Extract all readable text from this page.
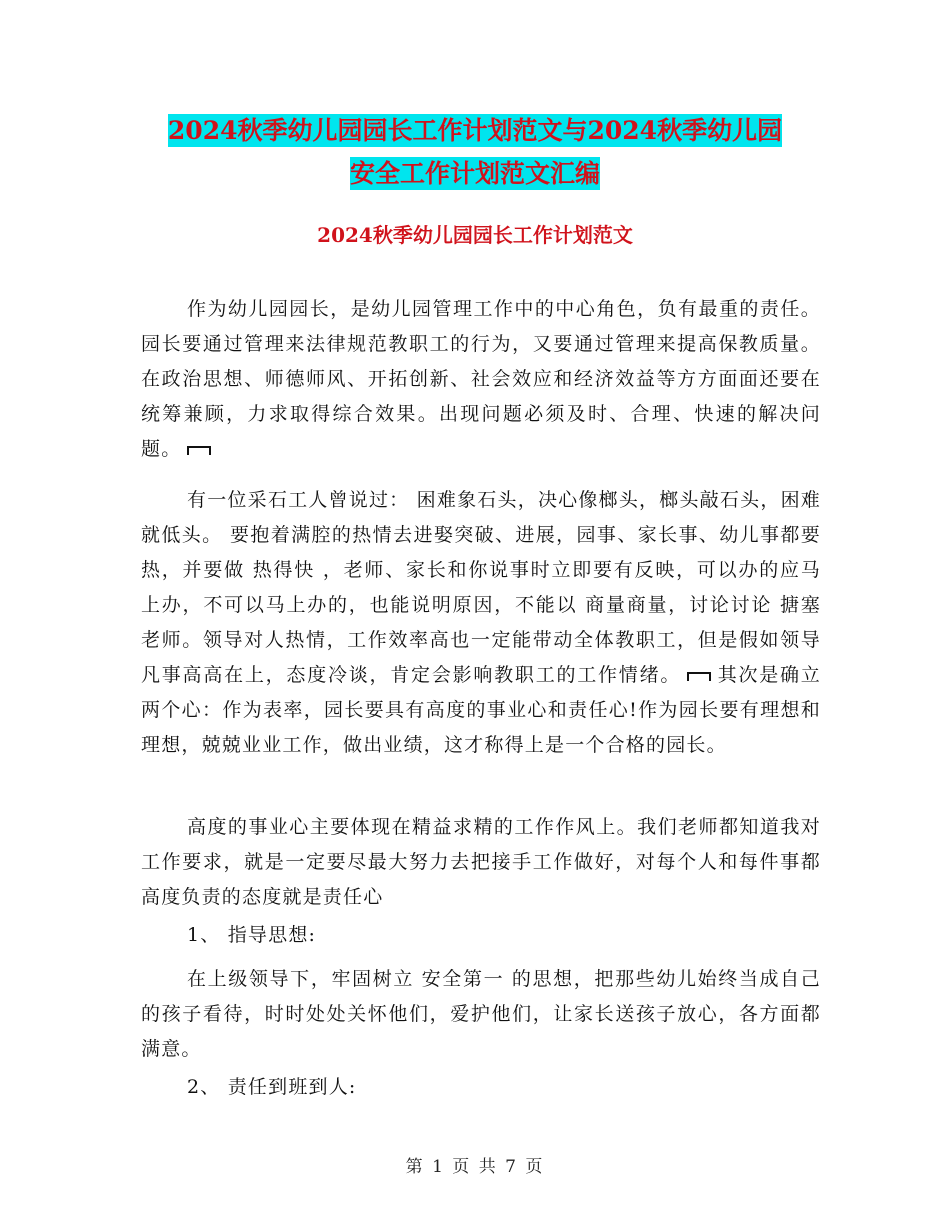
2024秋季幼儿园园长工作计划范文与2024秋季幼儿园
安全工作计划范文汇编
2024秋季幼儿园园长工作计划范文

作为幼儿园园长，是幼儿园管理工作中的中心角色，负有最重的责任。园长要通过管理来法律规范教职工的行为，又要通过管理来提高保教质量。在政治思想、师德师风、开拓创新、社会效应和经济效益等方方面面还要在统筹兼顾，力求取得综合效果。出现问题必须及时、合理、快速的解决问题。

有一位采石工人曾说过： 困难象石头，决心像榔头，榔头敲石头，困难就低头。 要抱着满腔的热情去进娶突破、进展，园事、家长事、幼儿事都要热，并要做 热得快 ，老师、家长和你说事时立即要有反映，可以办的应马上办，不可以马上办的，也能说明原因，不能以 商量商量，讨论讨论 搪塞老师。领导对人热情，工作效率高也一定能带动全体教职工，但是假如领导凡事高高在上，态度冷谈，肯定会影响教职工的工作情绪。 其次是确立两个心：作为表率，园长要具有高度的事业心和责任心!作为园长要有理想和理想，兢兢业业工作，做出业绩，这才称得上是一个合格的园长。

高度的事业心主要体现在精益求精的工作作风上。我们老师都知道我对工作要求，就是一定要尽最大努力去把接手工作做好，对每个人和每件事都高度负责的态度就是责任心

1、 指导思想:

在上级领导下，牢固树立 安全第一 的思想，把那些幼儿始终当成自己的孩子看待，时时处处关怀他们，爱护他们，让家长送孩子放心，各方面都满意。

2、 责任到班到人:

第 1 页 共 7 页
